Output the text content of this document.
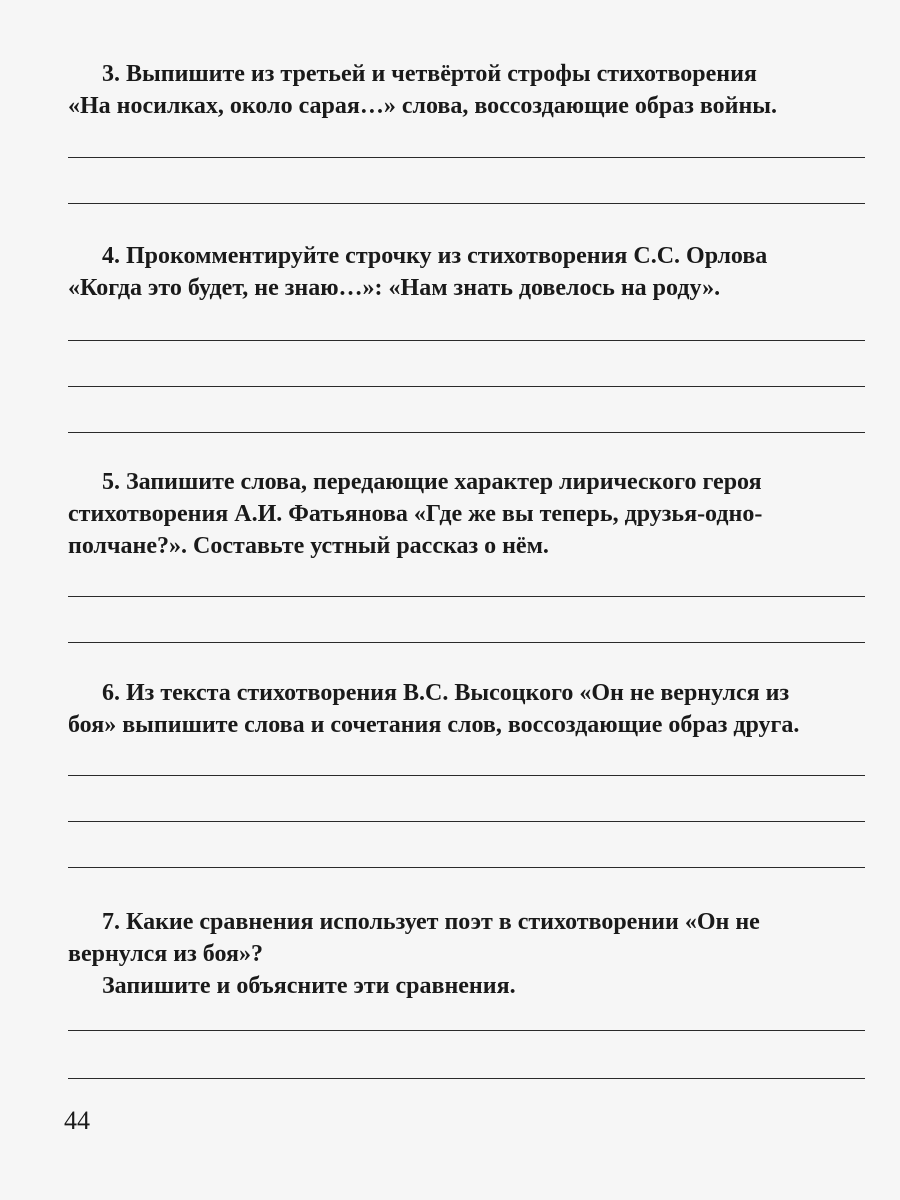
3. Выпишите из третьей и четвёртой строфы стихотворения
«На носилках, около сарая…» слова, воссоздающие образ войны.
4. Прокомментируйте строчку из стихотворения С.С. Орлова
«Когда это будет, не знаю…»: «Нам знать довелось на роду».
5. Запишите слова, передающие характер лирического героя
стихотворения А.И. Фатьянова «Где же вы теперь, друзья-одно-
полчане?». Составьте устный рассказ о нём.
6. Из текста стихотворения В.С. Высоцкого «Он не вернулся из
боя» выпишите слова и сочетания слов, воссоздающие образ друга.
7. Какие сравнения использует поэт в стихотворении «Он не
вернулся из боя»?
Запишите и объясните эти сравнения.
44
